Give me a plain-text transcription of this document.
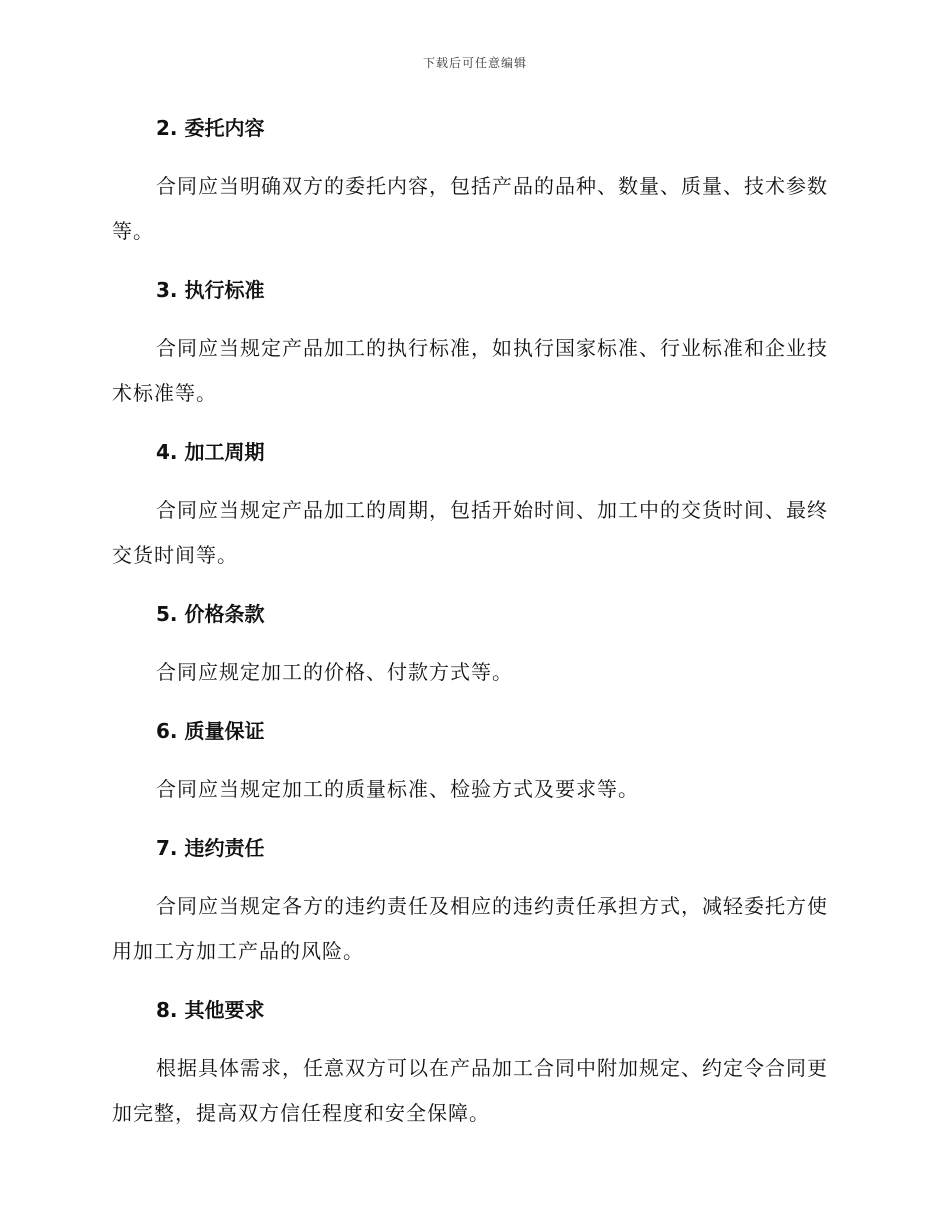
下载后可任意编辑
2. 委托内容

合同应当明确双方的委托内容，包括产品的品种、数量、质量、技术参数等。

3. 执行标准

合同应当规定产品加工的执行标准，如执行国家标准、行业标准和企业技术标准等。

4. 加工周期

合同应当规定产品加工的周期，包括开始时间、加工中的交货时间、最终交货时间等。

5. 价格条款

合同应规定加工的价格、付款方式等。

6. 质量保证

合同应当规定加工的质量标准、检验方式及要求等。

7. 违约责任

合同应当规定各方的违约责任及相应的违约责任承担方式，减轻委托方使用加工方加工产品的风险。

8. 其他要求

根据具体需求，任意双方可以在产品加工合同中附加规定、约定令合同更加完整，提高双方信任程度和安全保障。
